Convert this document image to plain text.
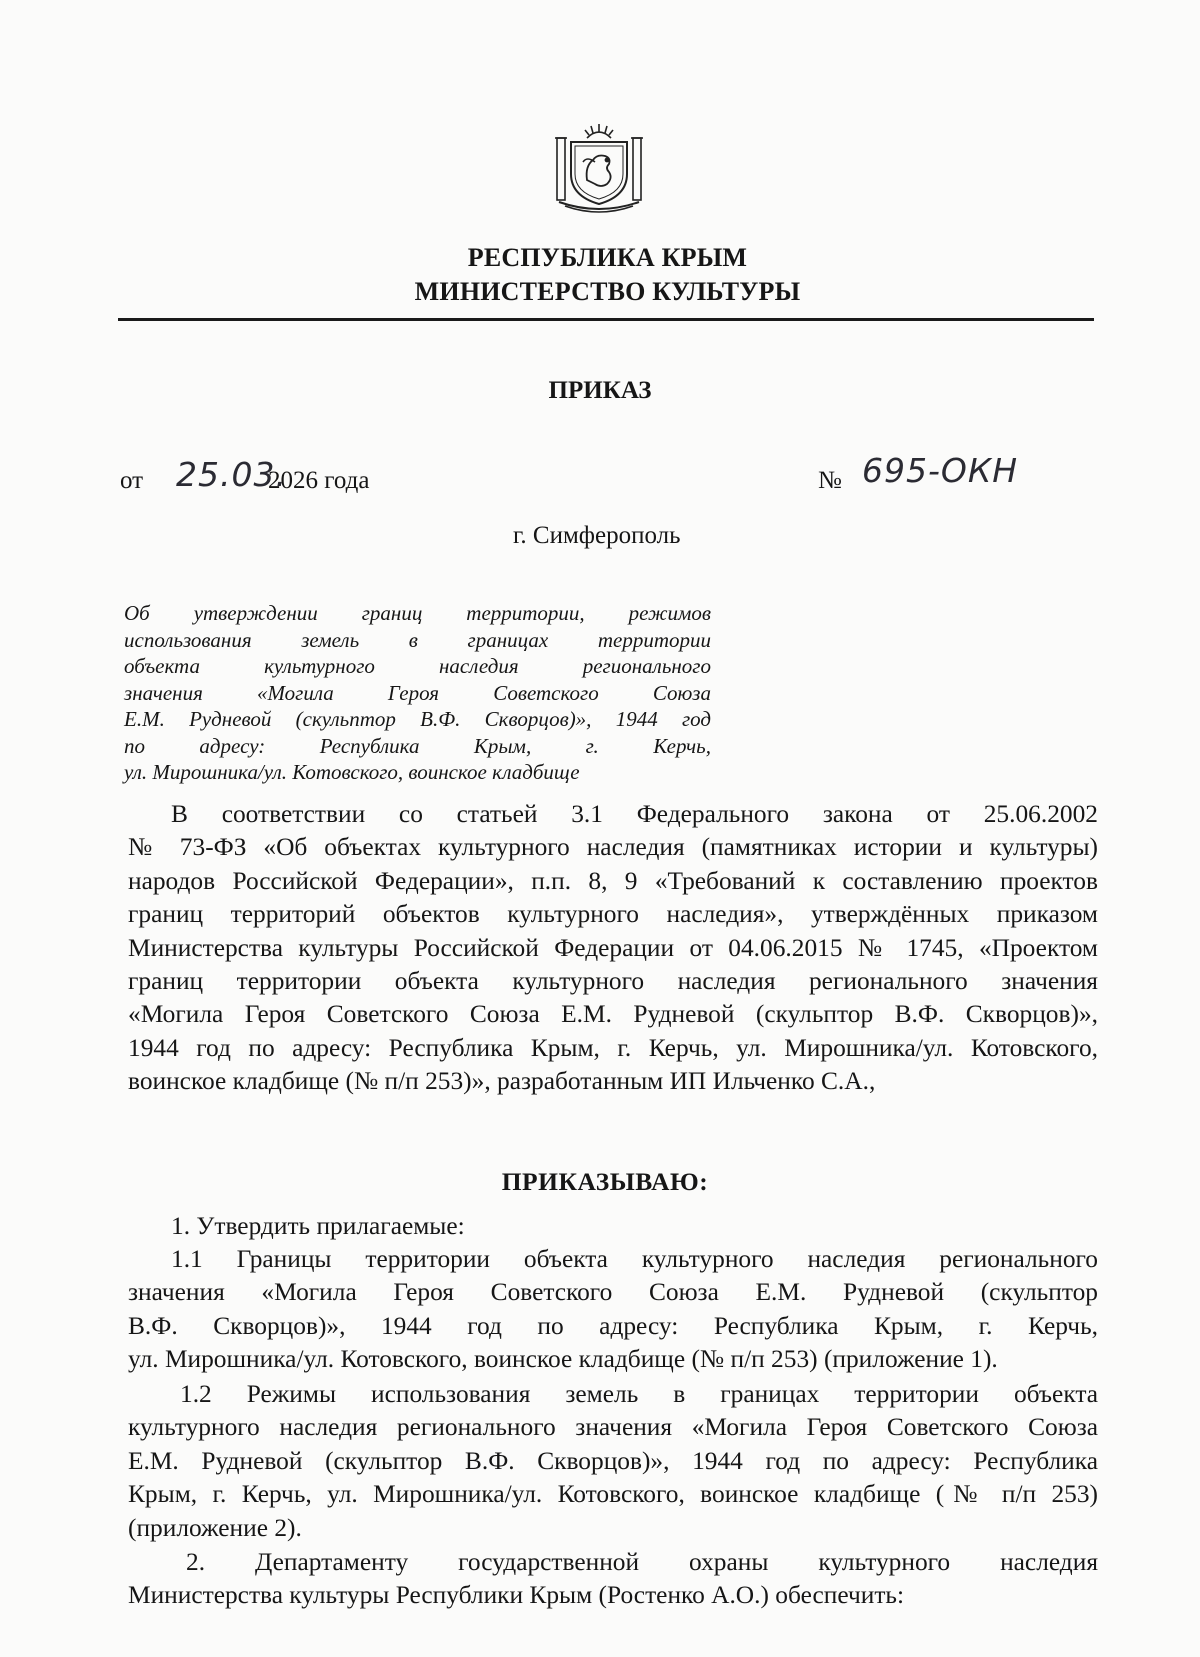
РЕСПУБЛИКА КРЫМ
МИНИСТЕРСТВО КУЛЬТУРЫ
ПРИКАЗ
от 25.03.
2026 года	№ 695-ОКН
г. Симферополь
Об утверждении границ территории, режимов
использования земель в границах территории
объекта культурного наследия регионального
значения «Могила Героя Советского Союза
Е.М. Рудневой (скульптор В.Ф. Скворцов)», 1944 год
по адресу: Республика Крым, г. Керчь,
ул. Мирошника/ул. Котовского, воинское кладбище
В соответствии со статьей 3.1 Федерального закона от 25.06.2002
№ 73-ФЗ «Об объектах культурного наследия (памятниках истории и культуры)
народов Российской Федерации», п.п. 8, 9 «Требований к составлению проектов
границ территорий объектов культурного наследия», утверждённых приказом
Министерства культуры Российской Федерации от 04.06.2015 № 1745, «Проектом
границ территории объекта культурного наследия регионального значения
«Могила Героя Советского Союза Е.М. Рудневой (скульптор В.Ф. Скворцов)»,
1944 год по адресу: Республика Крым, г. Керчь, ул. Мирошника/ул. Котовского,
воинское кладбище (№ п/п 253)», разработанным ИП Ильченко С.А.,
ПРИКАЗЫВАЮ:
1. Утвердить прилагаемые:
1.1 Границы территории объекта культурного наследия регионального
значения «Могила Героя Советского Союза Е.М. Рудневой (скульптор
В.Ф. Скворцов)», 1944 год по адресу: Республика Крым, г. Керчь,
ул. Мирошника/ул. Котовского, воинское кладбище (№ п/п 253) (приложение 1).
1.2 Режимы использования земель в границах территории объекта
культурного наследия регионального значения «Могила Героя Советского Союза
Е.М. Рудневой (скульптор В.Ф. Скворцов)», 1944 год по адресу: Республика
Крым, г. Керчь, ул. Мирошника/ул. Котовского, воинское кладбище (№ п/п 253)
(приложение 2).
2. Департаменту государственной охраны культурного наследия
Министерства культуры Республики Крым (Ростенко А.О.) обеспечить:
